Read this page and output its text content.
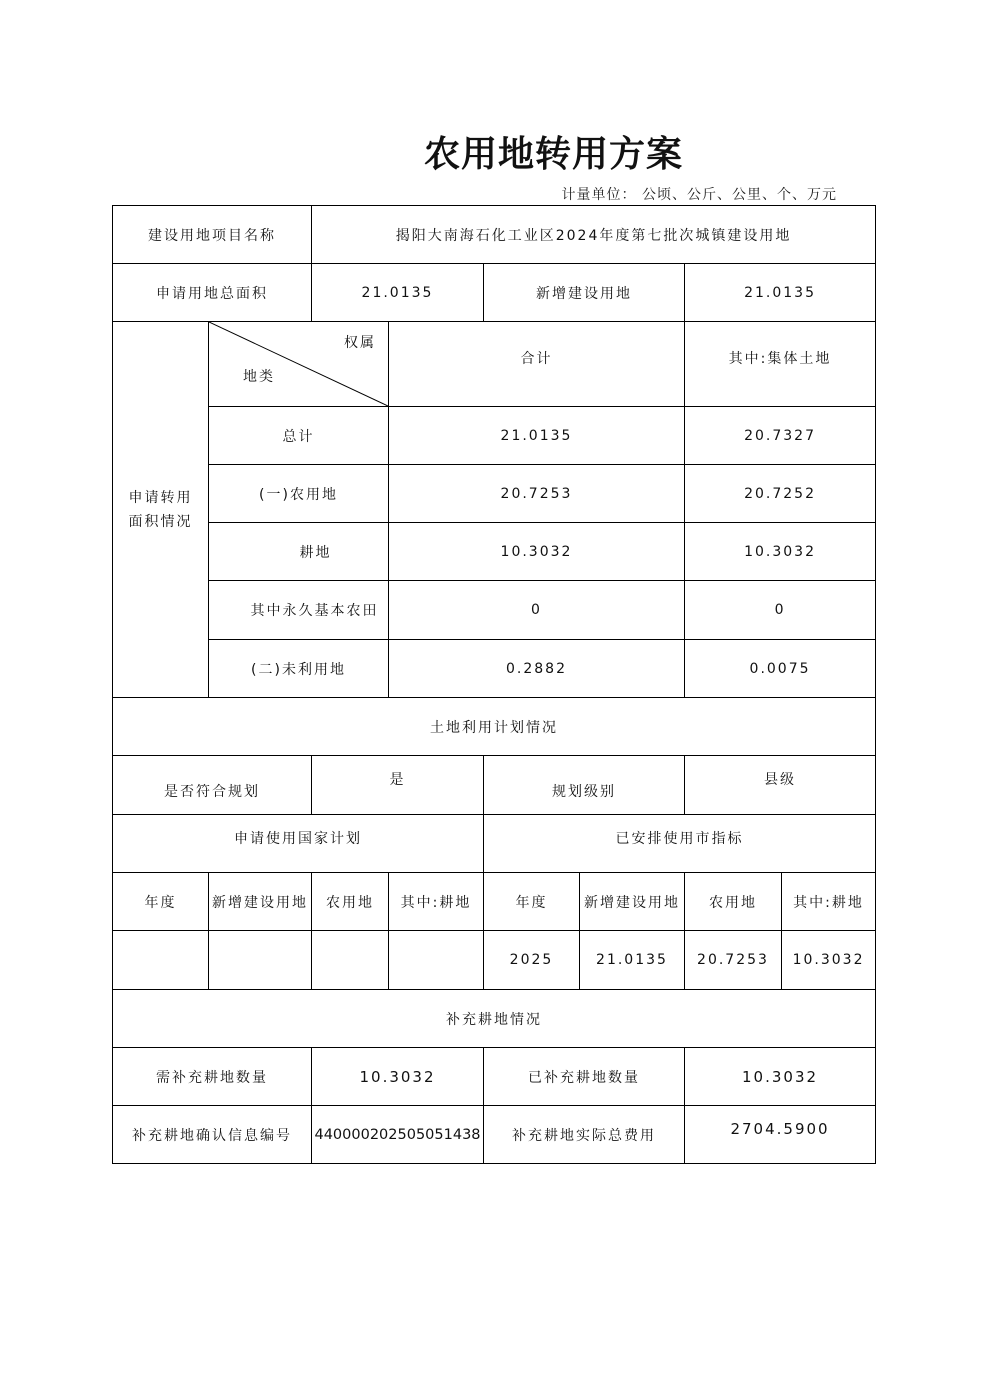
农用地转用方案
计量单位： 公顷、公斤、公里、个、万元
建设用地项目名称		揭阳大南海石化工业区2024年度第七批次城镇建设用地					
申请用地总面积		21.0135		新增建设用地		21.0135	
申请转用面积情况	权属
地类		合计			其中:集体土地	
	总计		21.0135			20.7327	
	(一)农用地		20.7253			20.7252	
	耕地		10.3032			10.3032	
	其中永久基本农田		0			0	
	(二)未利用地		0.2882			0.0075	
土地利用计划情况							
是否符合规划		是		规划级别		县级	
申请使用国家计划				已安排使用市指标			
年度	新增建设用地	农用地	其中:耕地	年度	新增建设用地	农用地	其中:耕地
				2025	21.0135	20.7253	10.3032
补充耕地情况							
需补充耕地数量		10.3032		已补充耕地数量		10.3032	
补充耕地确认信息编号		440000202505051438		补充耕地实际总费用		2704.5900	
